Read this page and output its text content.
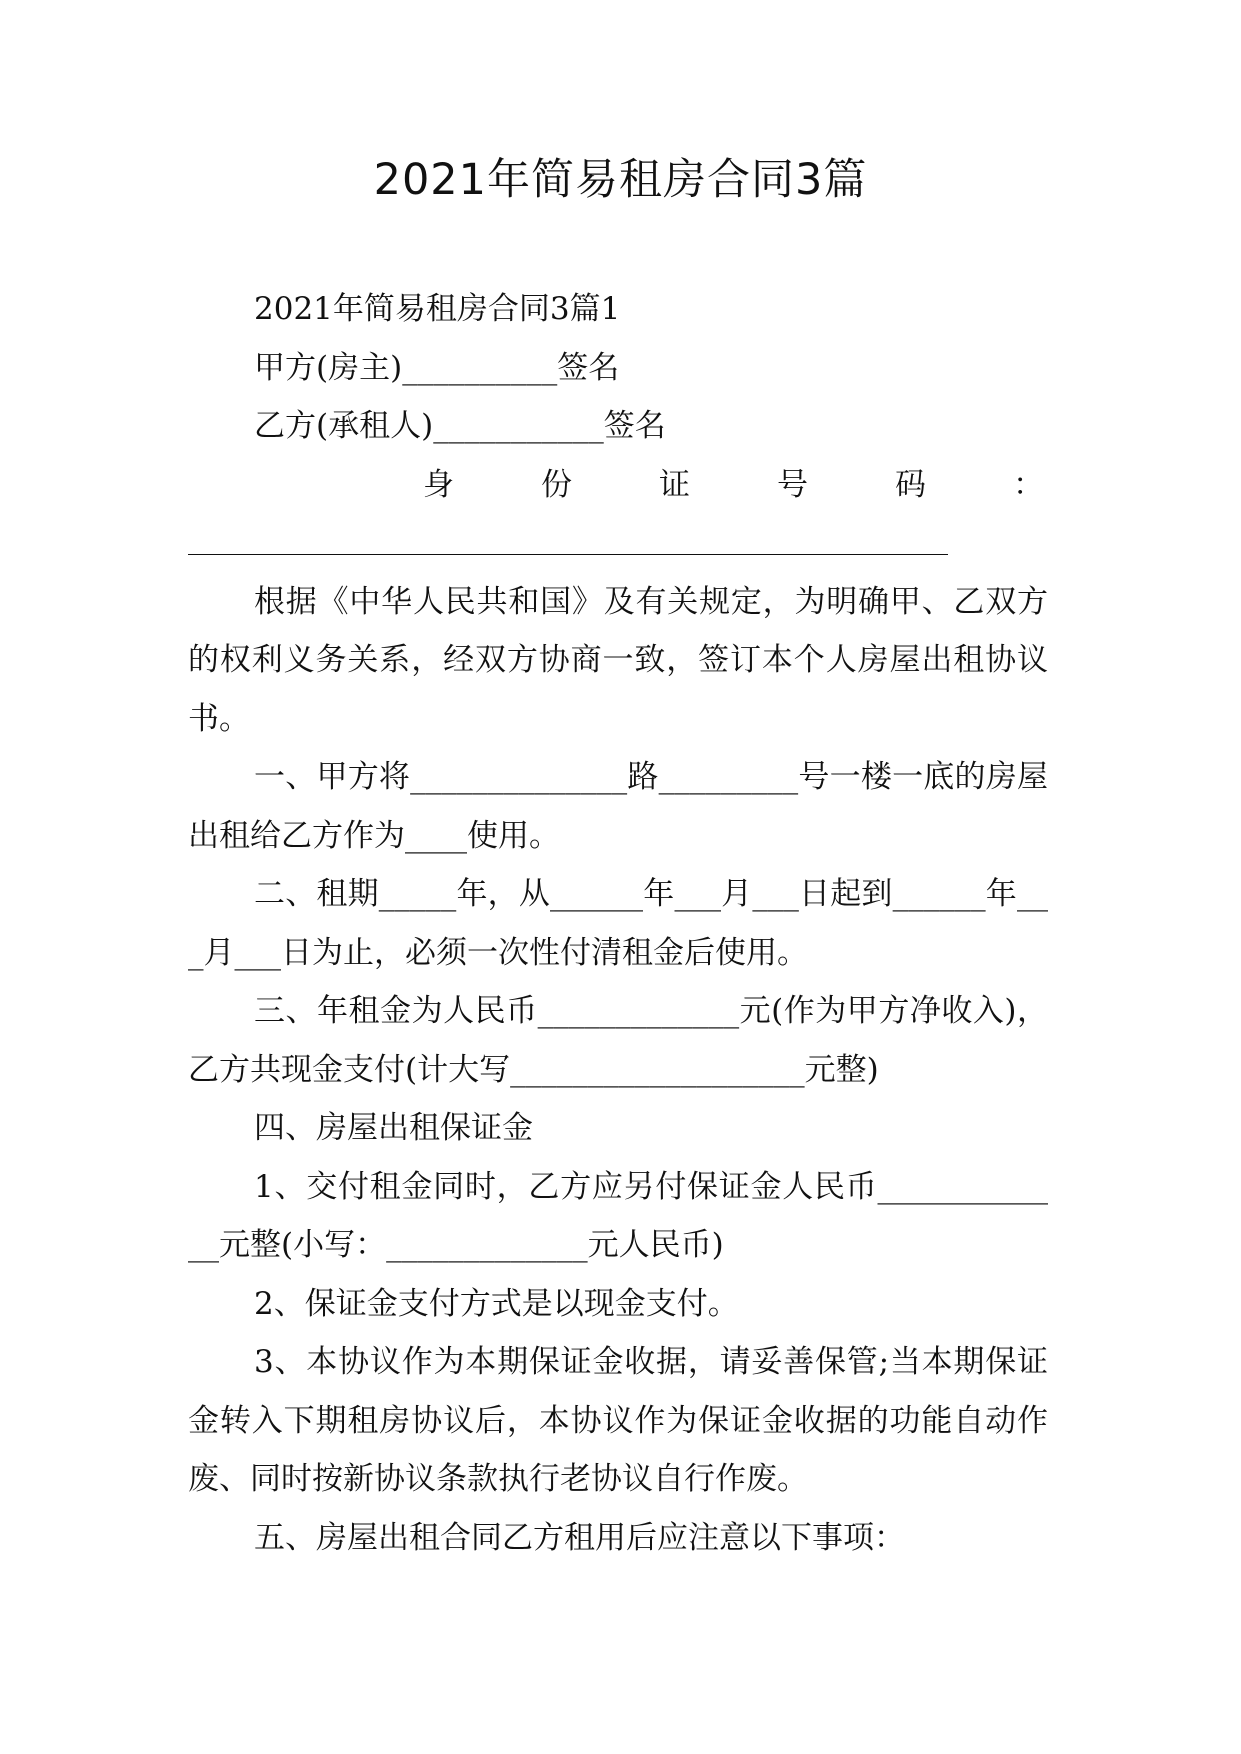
2021年简易租房合同3篇

2021年简易租房合同3篇1

甲方(房主)__________签名

乙方(承租人)___________签名

身	份	证	号	码	：

根据《中华人民共和国》及有关规定，为明确甲、乙双方的权利义务关系，经双方协商一致，签订本个人房屋出租协议书。

一、甲方将______________路_________号一楼一底的房屋出租给乙方作为____使用。

二、租期_____年，从______年___月___日起到______年___月___日为止，必须一次性付清租金后使用。

三、年租金为人民币_____________元(作为甲方净收入)，乙方共现金支付(计大写___________________元整)

四、房屋出租保证金

1、交付租金同时，乙方应另付保证金人民币_____________元整(小写：_____________元人民币)

2、保证金支付方式是以现金支付。

3、本协议作为本期保证金收据，请妥善保管;当本期保证金转入下期租房协议后，本协议作为保证金收据的功能自动作废、同时按新协议条款执行老协议自行作废。

五、房屋出租合同乙方租用后应注意以下事项：
